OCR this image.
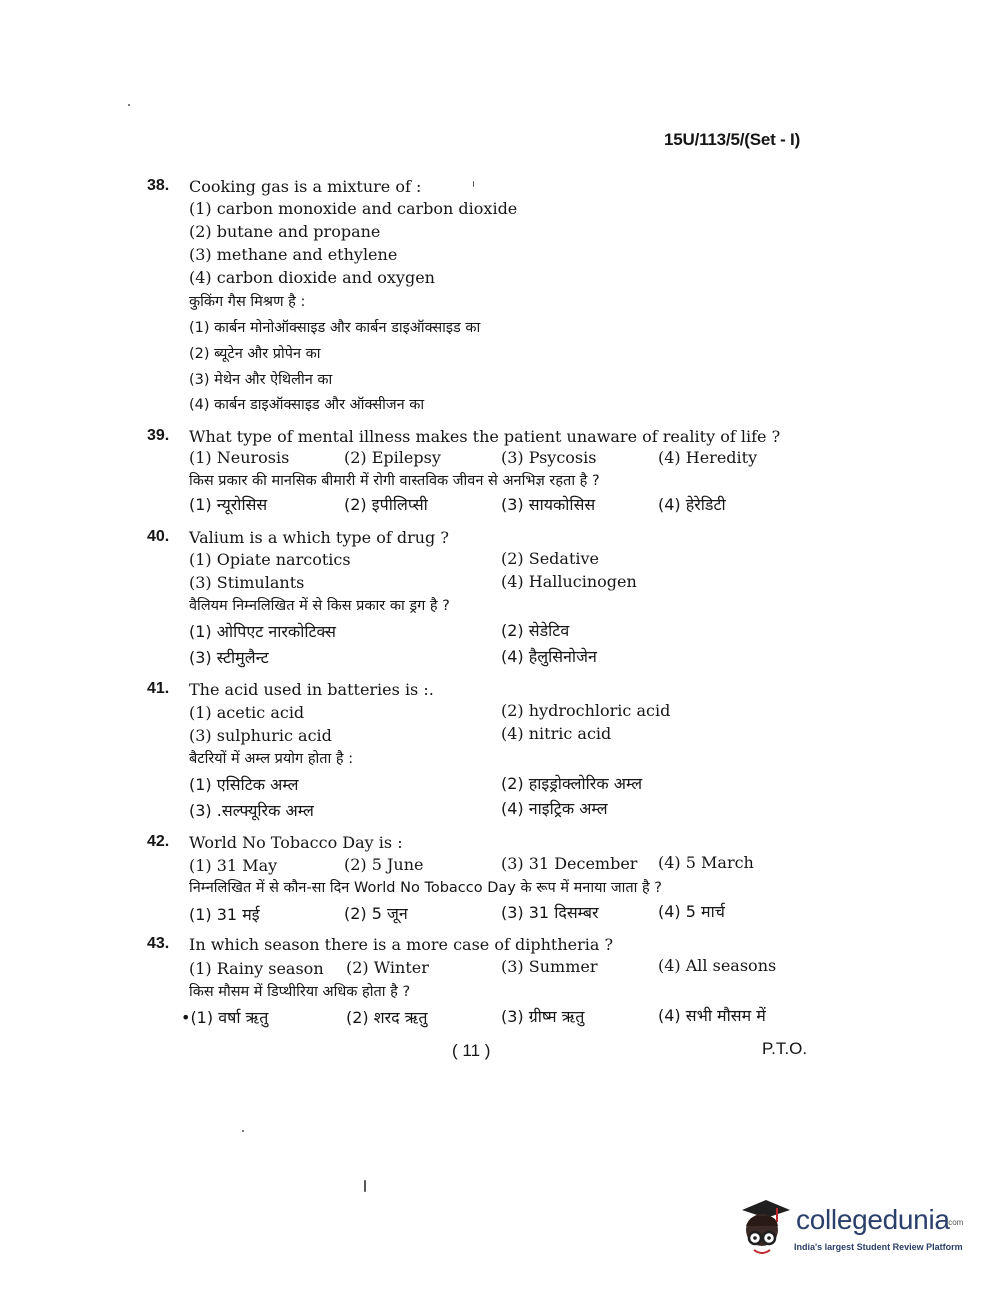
15U/113/5/(Set - I)
38. Cooking gas is a mixture of :
(1) carbon monoxide and carbon dioxide
(2) butane and propane
(3) methane and ethylene
(4) carbon dioxide and oxygen
कुकिंग गैस मिश्रण है :
(1) कार्बन मोनोऑक्साइड और कार्बन डाइऑक्साइड का
(2) ब्यूटेन और प्रोपेन का
(3) मेथेन और ऐथिलीन का
(4) कार्बन डाइऑक्साइड और ऑक्सीजन का
39. What type of mental illness makes the patient unaware of reality of life ?
(1) Neurosis	(2) Epilepsy	(3) Psycosis	(4) Heredity
किस प्रकार की मानसिक बीमारी में रोगी वास्तविक जीवन से अनभिज्ञ रहता है ?
(1) न्यूरोसिस	(2) इपीलिप्सी	(3) सायकोसिस	(4) हेरेडिटी
40. Valium is a which type of drug ?
(1) Opiate narcotics	(2) Sedative
(3) Stimulants	(4) Hallucinogen
वैलियम निम्नलिखित में से किस प्रकार का ड्रग है ?
(1) ओपिएट नारकोटिक्स	(2) सेडेटिव
(3) स्टीमुलैन्ट	(4) हैलुसिनोजेन
41. The acid used in batteries is :.
(1) acetic acid	(2) hydrochloric acid
(3) sulphuric acid	(4) nitric acid
बैटरियों में अम्ल प्रयोग होता है :
(1) एसिटिक अम्ल	(2) हाइड्रोक्लोरिक अम्ल
(3) .सल्फ्यूरिक अम्ल	(4) नाइट्रिक अम्ल
42. World No Tobacco Day is :
(1) 31 May	(2) 5 June	(3) 31 December (4) 5 March
निम्नलिखित में से कौन-सा दिन World No Tobacco Day के रूप में मनाया जाता है ?
(1) 31 मई	(2) 5 जून	(3) 31 दिसम्बर	(4) 5 मार्च
43. In which season there is a more case of diphtheria ?
(1) Rainy season (2) Winter	(3) Summer	(4) All seasons
किस मौसम में डिप्थीरिया अधिक होता है ?
•(1) वर्षा ऋतु	(2) शरद ऋतु	(3) ग्रीष्म ऋतु	(4) सभी मौसम में
( 11 )	P.T.O.
collegedunia
.com
India's largest Student Review Platform
